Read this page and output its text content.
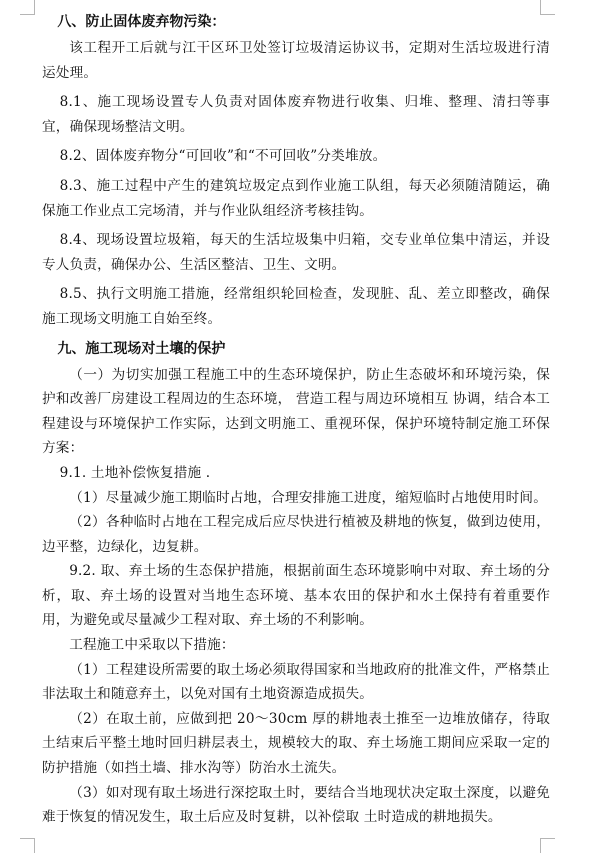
八、防止固体废弃物污染：
该工程开工后就与江干区环卫处签订垃圾清运协议书，定期对生活垃圾进行清运处理。
8.1、施工现场设置专人负责对固体废弃物进行收集、归堆、整理、清扫等事宜，确保现场整洁文明。
8.2、固体废弃物分“可回收”和“不可回收”分类堆放。
8.3、施工过程中产生的建筑垃圾定点到作业施工队组，每天必须随清随运，确保施工作业点工完场清，并与作业队组经济考核挂钩。
8.4、现场设置垃圾箱，每天的生活垃圾集中归箱，交专业单位集中清运，并设专人负责，确保办公、生活区整洁、卫生、文明。
8.5、执行文明施工措施，经常组织轮回检查，发现脏、乱、差立即整改，确保施工现场文明施工自始至终。
九、施工现场对土壤的保护
（一）为切实加强工程施工中的生态环境保护，防止生态破坏和环境污染，保护和改善厂房建设工程周边的生态环境， 营造工程与周边环境相互 协调，结合本工程建设与环境保护工作实际，达到文明施工、重视环保，保护环境特制定施工环保方案：
9.1. 土地补偿恢复措施 .
（1）尽量减少施工期临时占地，合理安排施工进度，缩短临时占地使用时间。
（2）各种临时占地在工程完成后应尽快进行植被及耕地的恢复，做到边使用，边平整，边绿化，边复耕。
9.2. 取、弃土场的生态保护措施，根据前面生态环境影响中对取、弃土场的分析，取、弃土场的设置对当地生态环境、基本农田的保护和水土保持有着重要作用，为避免或尽量减少工程对取、弃土场的不利影响。
工程施工中采取以下措施：
（1）工程建设所需要的取土场必须取得国家和当地政府的批准文件，严格禁止非法取土和随意弃土，以免对国有土地资源造成损失。
（2）在取土前，应做到把 20～30cm 厚的耕地表土推至一边堆放储存，待取土结束后平整土地时回归耕层表土，规模较大的取、弃土场施工期间应采取一定的防护措施（如挡土墙、排水沟等）防治水土流失。
（3）如对现有取土场进行深挖取土时，要结合当地现状决定取土深度，以避免难于恢复的情况发生，取土后应及时复耕，以补偿取 土时造成的耕地损失。
